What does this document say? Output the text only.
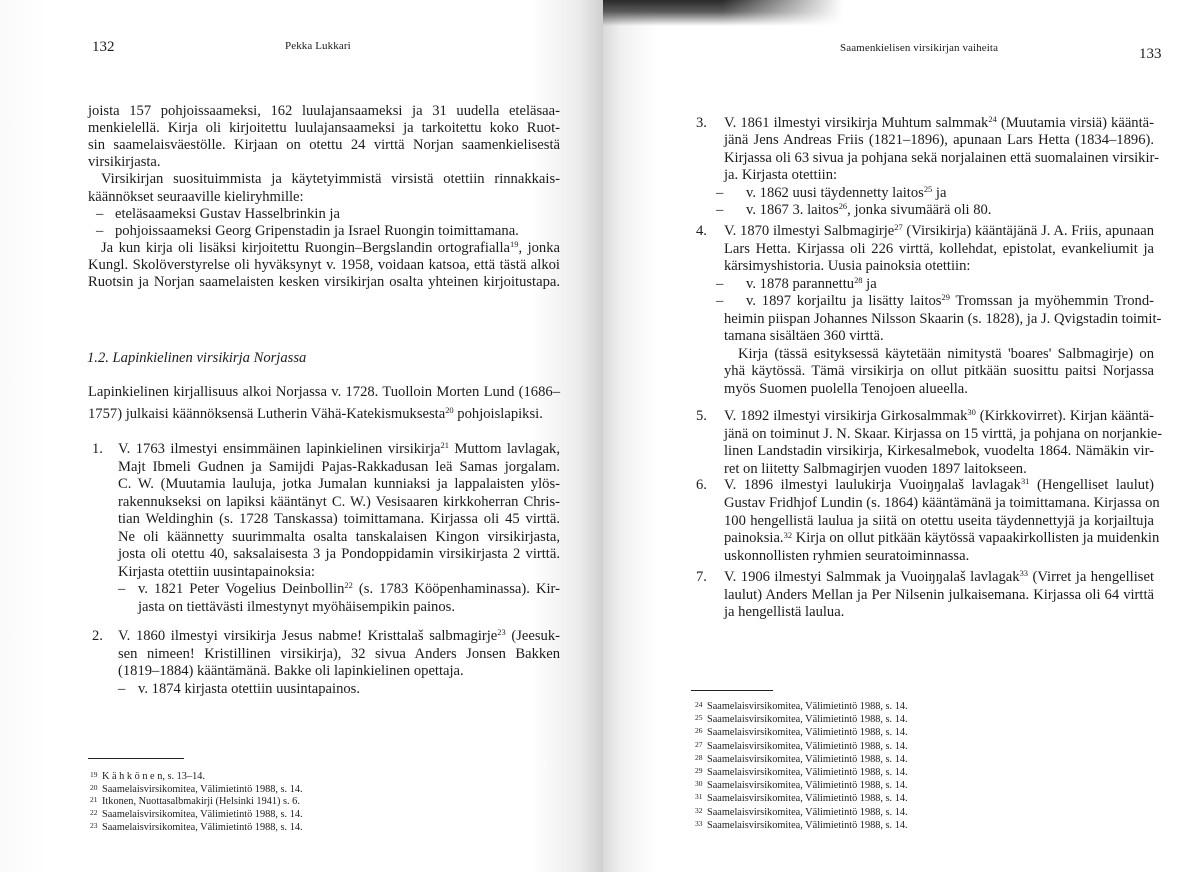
132	Pekka Lukkari
joista 157 pohjoissaameksi, 162 luulajansaameksi ja 31 uudella eteläsaa-
menkielellä. Kirja oli kirjoitettu luulajansaameksi ja tarkoitettu koko Ruot-
sin saamelaisväestölle. Kirjaan on otettu 24 virttä Norjan saamenkielisestä
virsikirjasta.
Virsikirjan suosituimmista ja käytetyimmistä virsistä otettiin rinnakkais-
käännökset seuraaville kieliryhmille:
– eteläsaameksi Gustav Hasselbrinkin ja
– pohjoissaameksi Georg Gripenstadin ja Israel Ruongin toimittamana.
Ja kun kirja oli lisäksi kirjoitettu Ruongin–Bergslandin ortografialla$^{19}$, jonka
Kungl. Skolöverstyrelse oli hyväksynyt v. 1958, voidaan katsoa, että tästä alkoi
Ruotsin ja Norjan saamelaisten kesken virsikirjan osalta yhteinen kirjoitustapa.
1.2. Lapinkielinen virsikirja Norjassa
Lapinkielinen kirjallisuus alkoi Norjassa v. 1728. Tuolloin Morten Lund (1686–
1757) julkaisi käännöksensä Lutherin Vähä-Katekismuksesta$^{20}$ pohjoislapiksi.
1. V. 1763 ilmestyi ensimmäinen lapinkielinen virsikirja$^{21}$ Muttom lavlagak,
Majt Ibmeli Gudnen ja Samijdi Pajas-Rakkadusan leä Samas jorgalam.
C. W. (Muutamia lauluja, jotka Jumalan kunniaksi ja lappalaisten ylös-
rakennukseksi on lapiksi kääntänyt C. W.) Vesisaaren kirkkoherran Chris-
tian Weldinghin (s. 1728 Tanskassa) toimittamana. Kirjassa oli 45 virttä.
Ne oli käännetty suurimmalta osalta tanskalaisen Kingon virsikirjasta,
josta oli otettu 40, saksalaisesta 3 ja Pondoppidamin virsikirjasta 2 virttä.
Kirjasta otettiin uusintapainoksia:
– v. 1821 Peter Vogelius Deinbollin$^{22}$ (s. 1783 Kööpenhaminassa). Kir-
jasta on tiettävästi ilmestynyt myöhäisempikin painos.
2. V. 1860 ilmestyi virsikirja Jesus nabme! Kristtalaš salbmagirje$^{23}$ (Jeesuk-
sen nimeen! Kristillinen virsikirja), 32 sivua Anders Jonsen Bakken
(1819–1884) kääntämänä. Bakke oli lapinkielinen opettaja.
– v. 1874 kirjasta otettiin uusintapainos.
19 K ä h k ö n e n, s. 13–14.
20 Saamelaisvirsikomitea, Välimietintö 1988, s. 14.
21 Itkonen, Nuottasalbmakirji (Helsinki 1941) s. 6.
22 Saamelaisvirsikomitea, Välimietintö 1988, s. 14.
23 Saamelaisvirsikomitea, Välimietintö 1988, s. 14.
Saamenkielisen virsikirjan vaiheita	133
3. V. 1861 ilmestyi virsikirja Muhtum salmmak$^{24}$ (Muutamia virsiä) kääntä-
jänä Jens Andreas Friis (1821–1896), apunaan Lars Hetta (1834–1896).
Kirjassa oli 63 sivua ja pohjana sekä norjalainen että suomalainen virsikir-
ja. Kirjasta otettiin:
– v. 1862 uusi täydennetty laitos$^{25}$ ja
– v. 1867 3. laitos$^{26}$, jonka sivumäärä oli 80.
4. V. 1870 ilmestyi Salbmagirje$^{27}$ (Virsikirja) kääntäjänä J. A. Friis, apunaan
Lars Hetta. Kirjassa oli 226 virttä, kollehdat, epistolat, evankeliumit ja
kärsimyshistoria. Uusia painoksia otettiin:
– v. 1878 parannettu$^{28}$ ja
– v. 1897 korjailtu ja lisätty laitos$^{29}$ Tromssan ja myöhemmin Trond-
heimin piispan Johannes Nilsson Skaarin (s. 1828), ja J. Qvigstadin toimit-
tamana sisältäen 360 virttä.
Kirja (tässä esityksessä käytetään nimitystä 'boares' Salbmagirje) on
yhä käytössä. Tämä virsikirja on ollut pitkään suosittu paitsi Norjassa
myös Suomen puolella Tenojoen alueella.
5. V. 1892 ilmestyi virsikirja Girkosalmmak$^{30}$ (Kirkkovirret). Kirjan kääntä-
jänä on toiminut J. N. Skaar. Kirjassa on 15 virttä, ja pohjana on norjankie-
linen Landstadin virsikirja, Kirkesalmebok, vuodelta 1864. Nämäkin vir-
ret on liitetty Salbmagirjen vuoden 1897 laitokseen.
6. V. 1896 ilmestyi laulukirja Vuoiŋŋalaš lavlagak$^{31}$ (Hengelliset laulut)
Gustav Fridhjof Lundin (s. 1864) kääntämänä ja toimittamana. Kirjassa on
100 hengellistä laulua ja siitä on otettu useita täydennettyjä ja korjailtuja
painoksia.$^{32}$ Kirja on ollut pitkään käytössä vapaakirkollisten ja muidenkin
uskonnollisten ryhmien seuratoiminnassa.
7. V. 1906 ilmestyi Salmmak ja Vuoiŋŋalaš lavlagak$^{33}$ (Virret ja hengelliset
laulut) Anders Mellan ja Per Nilsenin julkaisemana. Kirjassa oli 64 virttä
ja hengellistä laulua.
24 Saamelaisvirsikomitea, Välimietintö 1988, s. 14.
25 Saamelaisvirsikomitea, Välimietintö 1988, s. 14.
26 Saamelaisvirsikomitea, Välimietintö 1988, s. 14.
27 Saamelaisvirsikomitea, Välimietintö 1988, s. 14.
28 Saamelaisvirsikomitea, Välimietintö 1988, s. 14.
29 Saamelaisvirsikomitea, Välimietintö 1988, s. 14.
30 Saamelaisvirsikomitea, Välimietintö 1988, s. 14.
31 Saamelaisvirsikomitea, Välimietintö 1988, s. 14.
32 Saamelaisvirsikomitea, Välimietintö 1988, s. 14.
33 Saamelaisvirsikomitea, Välimietintö 1988, s. 14.
